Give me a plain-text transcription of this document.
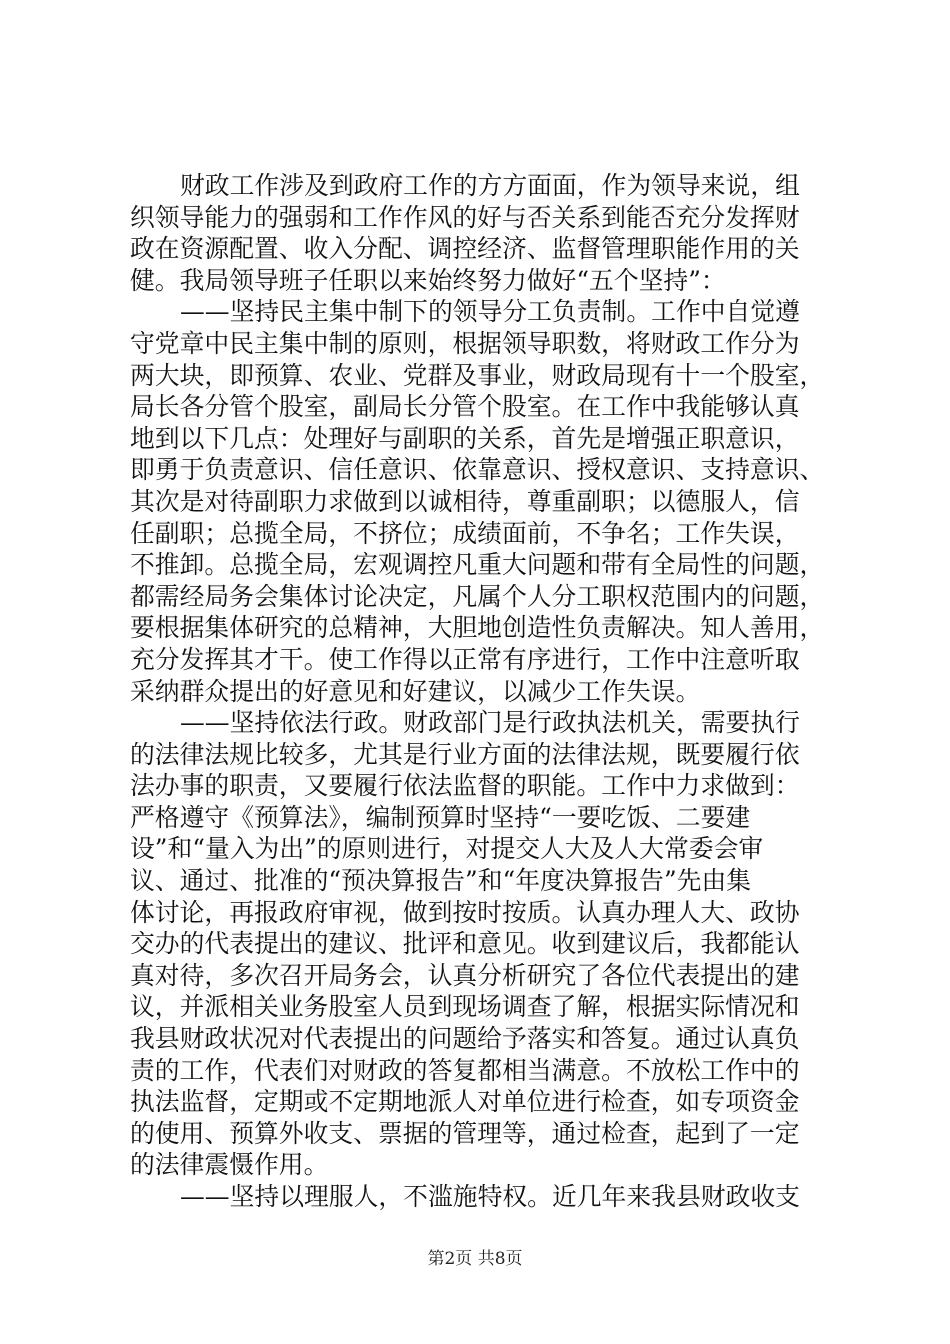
财政工作涉及到政府工作的方方面面，作为领导来说，组
织领导能力的强弱和工作作风的好与否关系到能否充分发挥财
政在资源配置、收入分配、调控经济、监督管理职能作用的关
健。我局领导班子任职以来始终努力做好“五个坚持”：
——坚持民主集中制下的领导分工负责制。工作中自觉遵
守党章中民主集中制的原则，根据领导职数，将财政工作分为
两大块，即预算、农业、党群及事业，财政局现有十一个股室，
局长各分管个股室，副局长分管个股室。在工作中我能够认真
地到以下几点：处理好与副职的关系，首先是增强正职意识，
即勇于负责意识、信任意识、依靠意识、授权意识、支持意识、
其次是对待副职力求做到以诚相待，尊重副职；以德服人，信
任副职；总揽全局，不挤位；成绩面前，不争名；工作失误，
不推卸。总揽全局，宏观调控凡重大问题和带有全局性的问题，
都需经局务会集体讨论决定，凡属个人分工职权范围内的问题，
要根据集体研究的总精神，大胆地创造性负责解决。知人善用，
充分发挥其才干。使工作得以正常有序进行，工作中注意听取
采纳群众提出的好意见和好建议，以减少工作失误。
——坚持依法行政。财政部门是行政执法机关，需要执行
的法律法规比较多，尤其是行业方面的法律法规，既要履行依
法办事的职责，又要履行依法监督的职能。工作中力求做到：
严格遵守《预算法》，编制预算时坚持“一要吃饭、二要建
设”和“量入为出”的原则进行，对提交人大及人大常委会审
议、通过、批准的“预决算报告”和“年度决算报告”先由集
体讨论，再报政府审视，做到按时按质。认真办理人大、政协
交办的代表提出的建议、批评和意见。收到建议后，我都能认
真对待，多次召开局务会，认真分析研究了各位代表提出的建
议，并派相关业务股室人员到现场调查了解，根据实际情况和
我县财政状况对代表提出的问题给予落实和答复。通过认真负
责的工作，代表们对财政的答复都相当满意。不放松工作中的
执法监督，定期或不定期地派人对单位进行检查，如专项资金
的使用、预算外收支、票据的管理等，通过检查，起到了一定
的法律震慑作用。
——坚持以理服人，不滥施特权。近几年来我县财政收支
第2页 共8页
